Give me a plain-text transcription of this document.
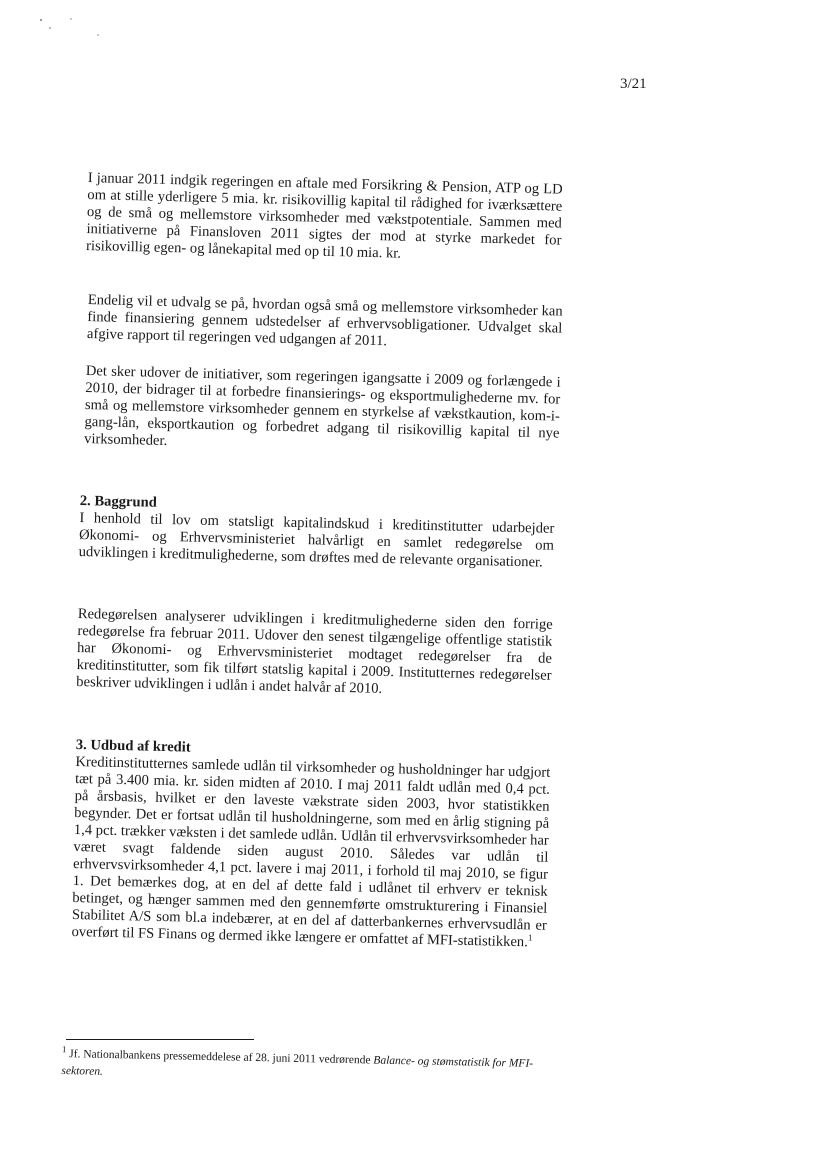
3/21

I januar 2011 indgik regeringen en aftale med Forsikring & Pension, ATP og LD om at stille yderligere 5 mia. kr. risikovillig kapital til rådighed for iværksættere og de små og mellemstore virksomheder med vækstpotentiale. Sammen med initiativerne på Finansloven 2011 sigtes der mod at styrke markedet for risikovillig egen- og lånekapital med op til 10 mia. kr.

Endelig vil et udvalg se på, hvordan også små og mellemstore virksomheder kan finde finansiering gennem udstedelser af erhvervsobligationer. Udvalget skal afgive rapport til regeringen ved udgangen af 2011.

Det sker udover de initiativer, som regeringen igangsatte i 2009 og forlængede i 2010, der bidrager til at forbedre finansierings- og eksportmulighederne mv. for små og mellemstore virksomheder gennem en styrkelse af vækstkaution, kom-i-gang-lån, eksportkaution og forbedret adgang til risikovillig kapital til nye virksomheder.

2. Baggrund

I henhold til lov om statsligt kapitalindskud i kreditinstitutter udarbejder Økonomi- og Erhvervsministeriet halvårligt en samlet redegørelse om udviklingen i kreditmulighederne, som drøftes med de relevante organisationer.

Redegørelsen analyserer udviklingen i kreditmulighederne siden den forrige redegørelse fra februar 2011. Udover den senest tilgængelige offentlige statistik har Økonomi- og Erhvervsministeriet modtaget redegørelser fra de kreditinstitutter, som fik tilført statslig kapital i 2009. Institutternes redegørelser beskriver udviklingen i udlån i andet halvår af 2010.

3. Udbud af kredit

Kreditinstitutternes samlede udlån til virksomheder og husholdninger har udgjort tæt på 3.400 mia. kr. siden midten af 2010. I maj 2011 faldt udlån med 0,4 pct. på årsbasis, hvilket er den laveste vækstrate siden 2003, hvor statistikken begynder. Det er fortsat udlån til husholdningerne, som med en årlig stigning på 1,4 pct. trækker væksten i det samlede udlån. Udlån til erhvervsvirksomheder har været svagt faldende siden august 2010. Således var udlån til erhvervsvirksomheder 4,1 pct. lavere i maj 2011, i forhold til maj 2010, se figur 1. Det bemærkes dog, at en del af dette fald i udlånet til erhverv er teknisk betinget, og hænger sammen med den gennemførte omstrukturering i Finansiel Stabilitet A/S som bl.a indebærer, at en del af datterbankernes erhvervsudlån er overført til FS Finans og dermed ikke længere er omfattet af MFI-statistikken.$^1$

$^1$ Jf. Nationalbankens pressemeddelese af 28. juni 2011 vedrørende Balance- og stømstatistik for MFI-sektoren.
